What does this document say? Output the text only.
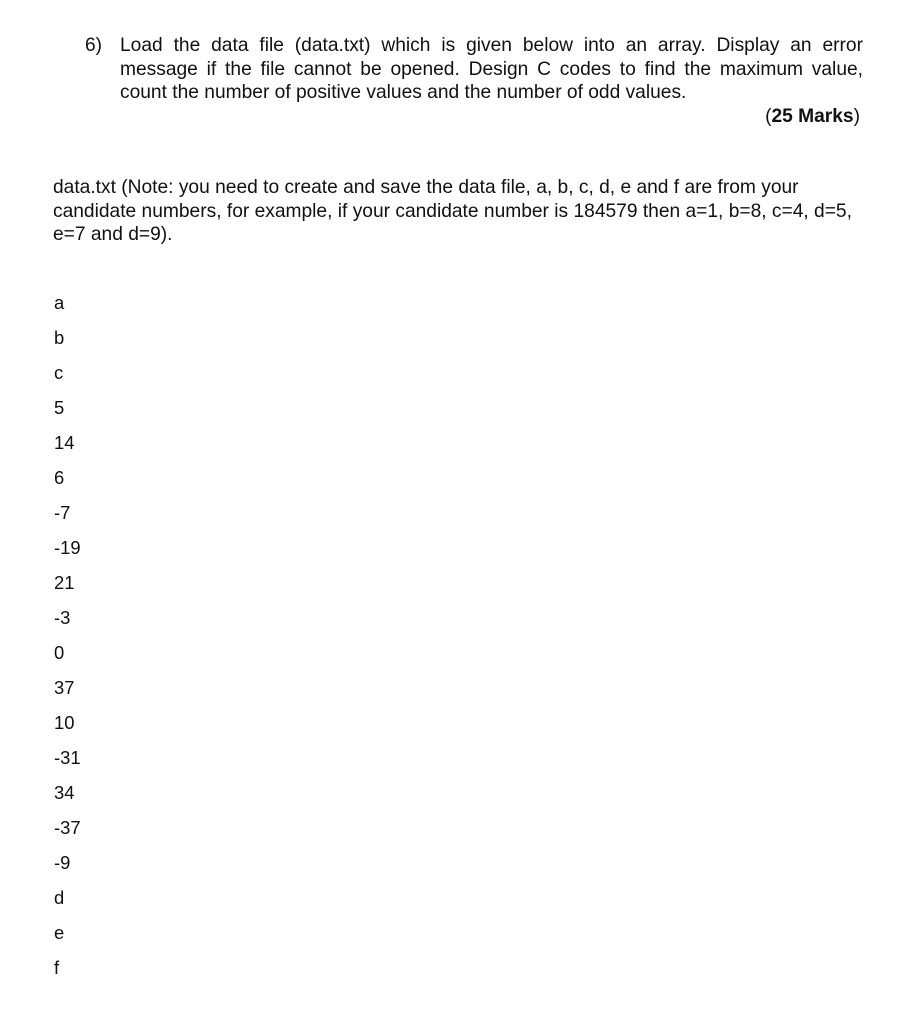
6) Load the data file (data.txt) which is given below into an array. Display an error message if the file cannot be opened. Design C codes to find the maximum value, count the number of positive values and the number of odd values.
(25 Marks)
data.txt (Note: you need to create and save the data file, a, b, c, d, e and f are from your candidate numbers, for example, if your candidate number is 184579 then a=1, b=8, c=4, d=5, e=7 and d=9).
a
b
c
5
14
6
-7
-19
21
-3
0
37
10
-31
34
-37
-9
d
e
f
